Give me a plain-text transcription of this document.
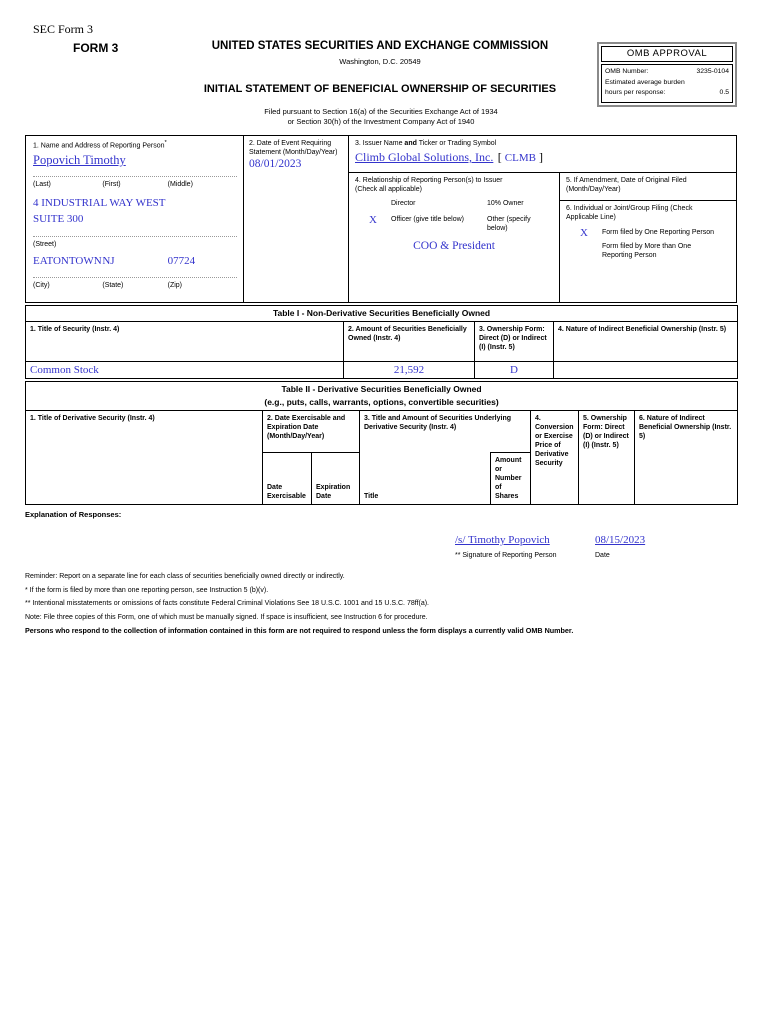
SEC Form 3
FORM 3	UNITED STATES SECURITIES AND EXCHANGE COMMISSION
Washington, D.C. 20549
INITIAL STATEMENT OF BENEFICIAL OWNERSHIP OF SECURITIES
OMB APPROVAL
OMB Number:	3235-0104
Estimated average burden
hours per response:	0.5
Filed pursuant to Section 16(a) of the Securities Exchange Act of 1934
or Section 30(h) of the Investment Company Act of 1940
1. Name and Address of Reporting Person*
Popovich Timothy
(Last)	(First)	(Middle)
4 INDUSTRIAL WAY WEST
SUITE 300
(Street)
EATONTOWN NJ	07724
(City)	(State)	(Zip)
2. Date of Event Requiring Statement (Month/Day/Year)
08/01/2023
3. Issuer Name and Ticker or Trading Symbol
Climb Global Solutions, Inc. [ CLMB ]
4. Relationship of Reporting Person(s) to Issuer
(Check all applicable)
Director	10% Owner
X	Officer (give title below)	Other (specify below)
COO & President
5. If Amendment, Date of Original Filed
(Month/Day/Year)
6. Individual or Joint/Group Filing (Check
Applicable Line)
X	Form filed by One Reporting Person
Form filed by More than One Reporting Person
Table I - Non-Derivative Securities Beneficially Owned			
1. Title of Security (Instr. 4)	2. Amount of Securities Beneficially Owned (Instr. 4)	3. Ownership Form: Direct (D) or Indirect (I) (Instr. 5)	4. Nature of Indirect Beneficial Ownership (Instr. 5)
Common Stock	21,592	D	
Table II - Derivative Securities Beneficially Owned
(e.g., puts, calls, warrants, options, convertible securities)							

1. Title of Derivative Security (Instr. 4)	2. Date Exercisable and Expiration Date (Month/Day/Year)		3. Title and Amount of Securities Underlying Derivative Security (Instr. 4)		4. Conversion or Exercise Price of Derivative Security	5. Ownership Form: Direct (D) or Indirect (I) (Instr. 5)	6. Nature of Indirect Beneficial Ownership (Instr. 5)
	Date Exercisable	Expiration Date	Title	Amount or Number of Shares			
Explanation of Responses:
/s/ Timothy Popovich
** Signature of Reporting Person
08/15/2023
Date
Reminder: Report on a separate line for each class of securities beneficially owned directly or indirectly.
* If the form is filed by more than one reporting person, see Instruction 5 (b)(v).
** Intentional misstatements or omissions of facts constitute Federal Criminal Violations See 18 U.S.C. 1001 and 15 U.S.C. 78ff(a).
Note: File three copies of this Form, one of which must be manually signed. If space is insufficient, see Instruction 6 for procedure.
Persons who respond to the collection of information contained in this form are not required to respond unless the form displays a currently valid OMB Number.
